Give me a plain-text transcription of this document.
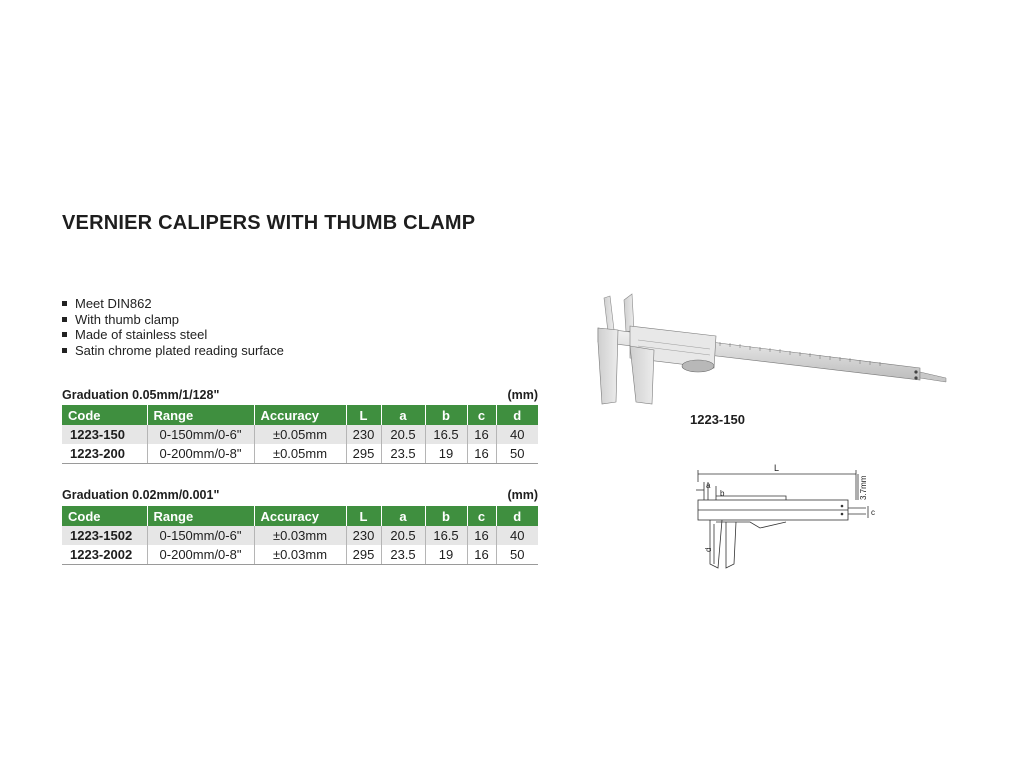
VERNIER CALIPERS WITH THUMB CLAMP
Meet DIN862
With thumb clamp
Made of stainless steel
Satin chrome plated reading surface
Graduation 0.05mm/1/128"	(mm)
Code	Range	Accuracy	L	a	b	c	d
1223-150	0-150mm/0-6"	±0.05mm	230	20.5	16.5	16	40
1223-200	0-200mm/0-8"	±0.05mm	295	23.5	19	16	50
Graduation 0.02mm/0.001"	(mm)
Code	Range	Accuracy	L	a	b	c	d
1223-1502	0-150mm/0-6"	±0.03mm	230	20.5	16.5	16	40
1223-2002	0-200mm/0-8"	±0.03mm	295	23.5	19	16	50
1223-150
L
a
b
c
d
3.7mm
